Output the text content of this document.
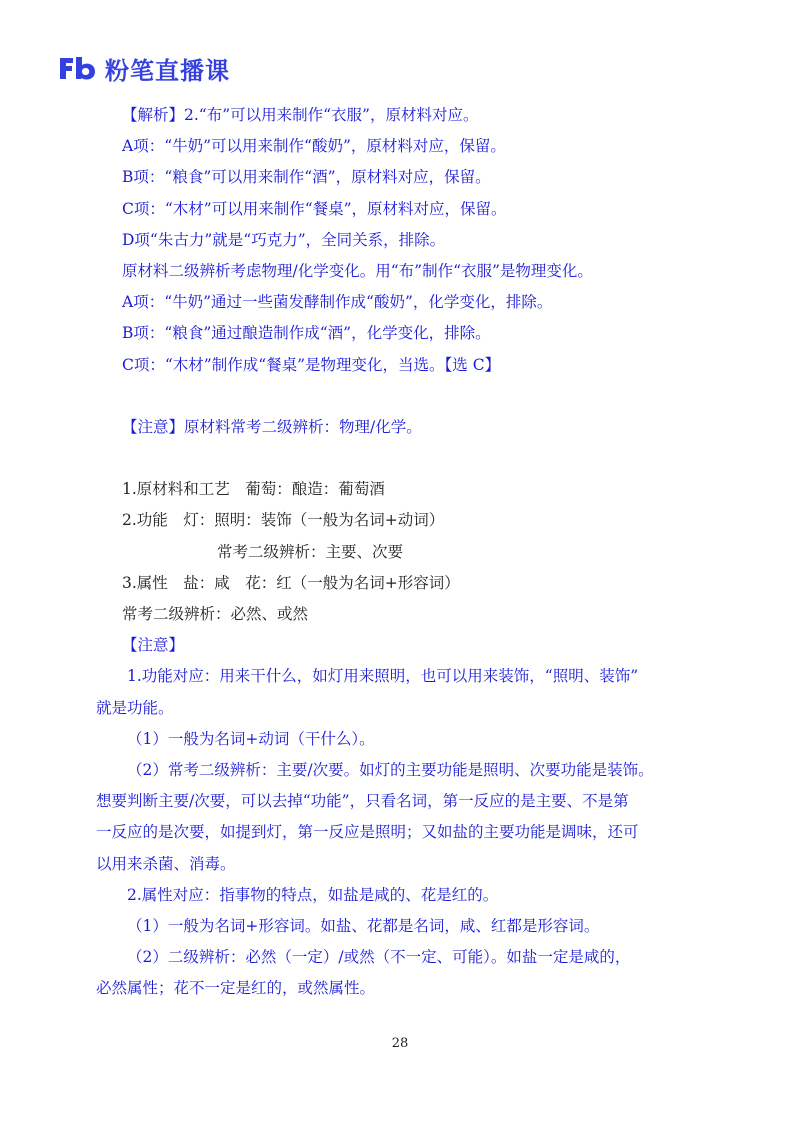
粉笔直播课
【解析】2.“布”可以用来制作“衣服”，原材料对应。
A项：“牛奶”可以用来制作“酸奶”，原材料对应，保留。
B项：“粮食”可以用来制作“酒”，原材料对应，保留。
C项：“木材”可以用来制作“餐桌”，原材料对应，保留。
D项“朱古力”就是“巧克力”，全同关系，排除。
原材料二级辨析考虑物理/化学变化。用“布”制作“衣服”是物理变化。
A项：“牛奶”通过一些菌发酵制作成“酸奶”，化学变化，排除。
B项：“粮食”通过酿造制作成“酒”，化学变化，排除。
C项：“木材”制作成“餐桌”是物理变化，当选。【选 C】
【注意】原材料常考二级辨析：物理/化学。
1.原材料和工艺　葡萄：酿造：葡萄酒
2.功能　灯：照明：装饰（一般为名词+动词）
常考二级辨析：主要、次要
3.属性　盐：咸　花：红（一般为名词+形容词）
常考二级辨析：必然、或然
【注意】
1.功能对应：用来干什么，如灯用来照明，也可以用来装饰，“照明、装饰”
就是功能。
（1）一般为名词+动词（干什么）。
（2）常考二级辨析：主要/次要。如灯的主要功能是照明、次要功能是装饰。
想要判断主要/次要，可以去掉“功能”，只看名词，第一反应的是主要、不是第
一反应的是次要，如提到灯，第一反应是照明；又如盐的主要功能是调味，还可
以用来杀菌、消毒。
2.属性对应：指事物的特点，如盐是咸的、花是红的。
（1）一般为名词+形容词。如盐、花都是名词，咸、红都是形容词。
（2）二级辨析：必然（一定）/或然（不一定、可能）。如盐一定是咸的，
必然属性；花不一定是红的，或然属性。
28
